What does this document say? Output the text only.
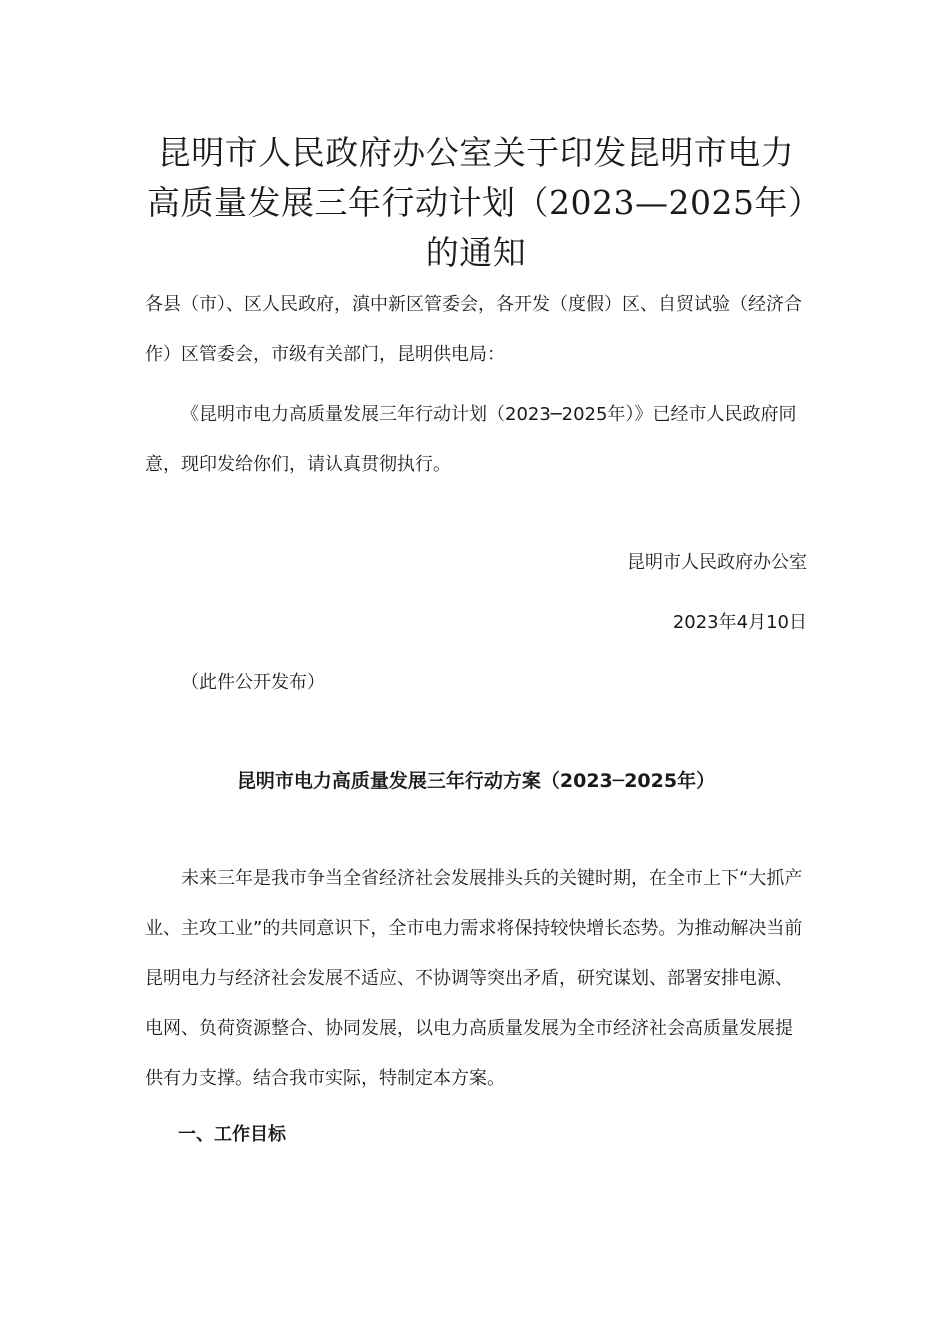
昆明市人民政府办公室关于印发昆明市电力高质量发展三年行动计划（2023—2025年）的通知

各县（市）、区人民政府，滇中新区管委会，各开发（度假）区、自贸试验（经济合作）区管委会，市级有关部门，昆明供电局：

《昆明市电力高质量发展三年行动计划（2023─2025年）》已经市人民政府同意，现印发给你们，请认真贯彻执行。

昆明市人民政府办公室

2023年4月10日

（此件公开发布）

昆明市电力高质量发展三年行动方案（2023─2025年）

未来三年是我市争当全省经济社会发展排头兵的关键时期，在全市上下“大抓产业、主攻工业”的共同意识下，全市电力需求将保持较快增长态势。为推动解决当前昆明电力与经济社会发展不适应、不协调等突出矛盾，研究谋划、部署安排电源、电网、负荷资源整合、协同发展，以电力高质量发展为全市经济社会高质量发展提供有力支撑。结合我市实际，特制定本方案。

一、工作目标
